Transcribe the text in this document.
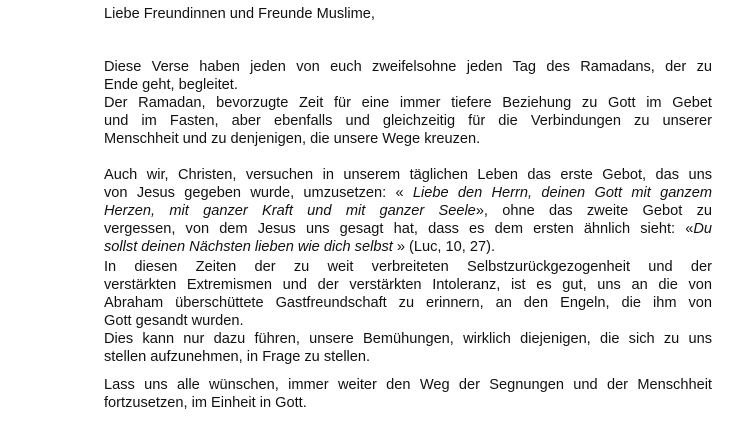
Liebe Freundinnen und Freunde Muslime,
Diese Verse haben jeden von euch zweifelsohne jeden Tag des Ramadans, der zu
Ende geht, begleitet.
Der Ramadan, bevorzugte Zeit für eine immer tiefere Beziehung zu Gott im Gebet
und im Fasten, aber ebenfalls und gleichzeitig für die Verbindungen zu unserer
Menschheit und zu denjenigen, die unsere Wege kreuzen.
Auch wir, Christen, versuchen in unserem täglichen Leben das erste Gebot, das uns
von Jesus gegeben wurde, umzusetzen: « Liebe den Herrn, deinen Gott mit ganzem
Herzen, mit ganzer Kraft und mit ganzer Seele», ohne das zweite Gebot zu
vergessen, von dem Jesus uns gesagt hat, dass es dem ersten ähnlich sieht: «Du
sollst deinen Nächsten lieben wie dich selbst » (Luc, 10, 27).
In diesen Zeiten der zu weit verbreiteten Selbstzurückgezogenheit und der
verstärkten Extremismen und der verstärkten Intoleranz, ist es gut, uns an die von
Abraham überschüttete Gastfreundschaft zu erinnern, an den Engeln, die ihm von
Gott gesandt wurden.
Dies kann nur dazu führen, unsere Bemühungen, wirklich diejenigen, die sich zu uns
stellen aufzunehmen, in Frage zu stellen.
Lass uns alle wünschen, immer weiter den Weg der Segnungen und der Menschheit
fortzusetzen, im Einheit in Gott.
